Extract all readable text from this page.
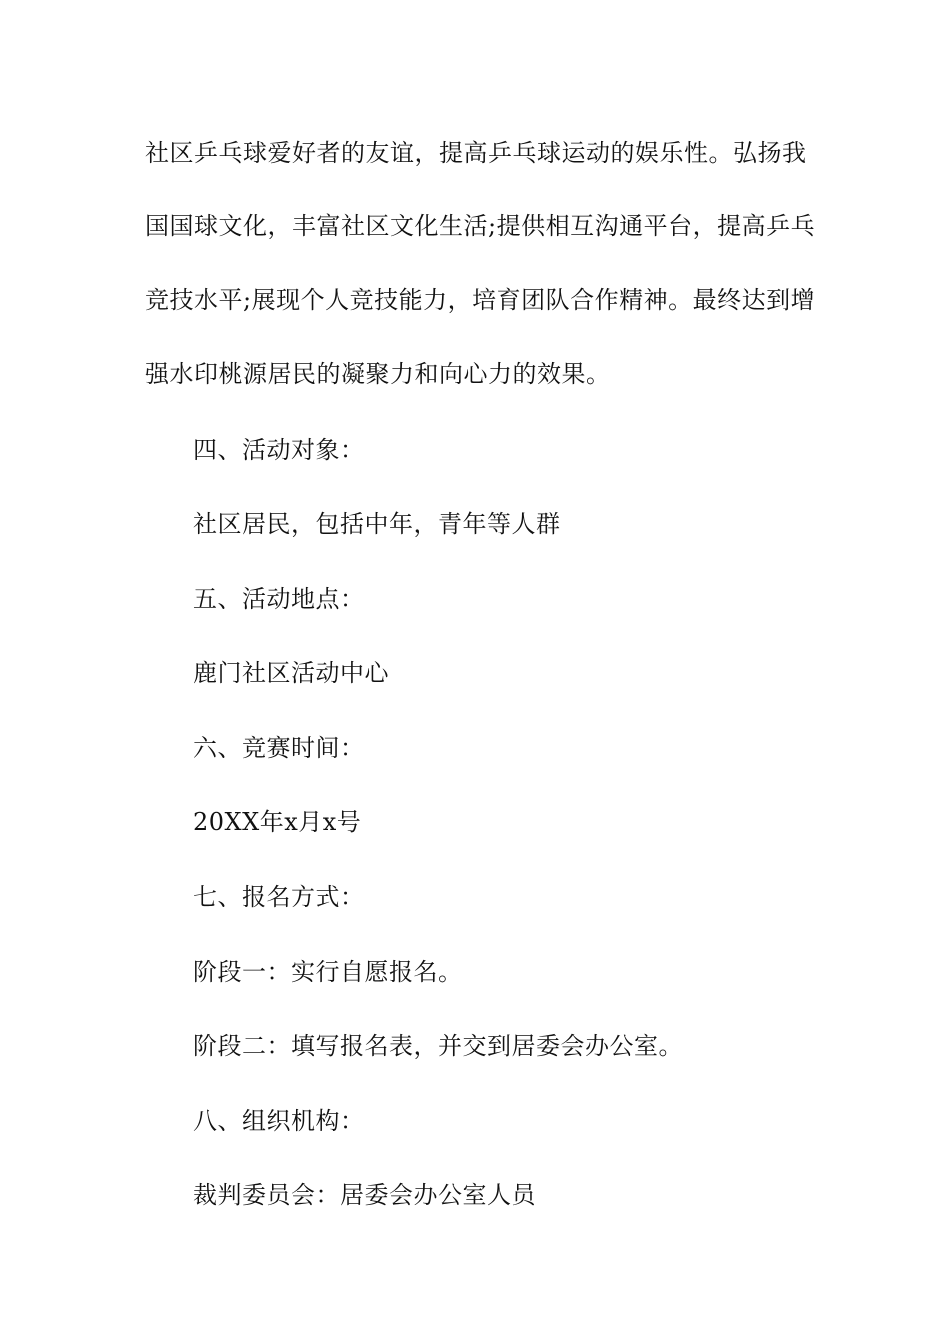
社区乒乓球爱好者的友谊，提高乒乓球运动的娱乐性。弘扬我
国国球文化，丰富社区文化生活;提供相互沟通平台，提高乒乓
竞技水平;展现个人竞技能力，培育团队合作精神。最终达到增
强水印桃源居民的凝聚力和向心力的效果。
四、活动对象：
社区居民，包括中年，青年等人群
五、活动地点：
鹿门社区活动中心
六、竞赛时间：
20XX年x月x号
七、报名方式：
阶段一：实行自愿报名。
阶段二：填写报名表，并交到居委会办公室。
八、组织机构：
裁判委员会：居委会办公室人员
